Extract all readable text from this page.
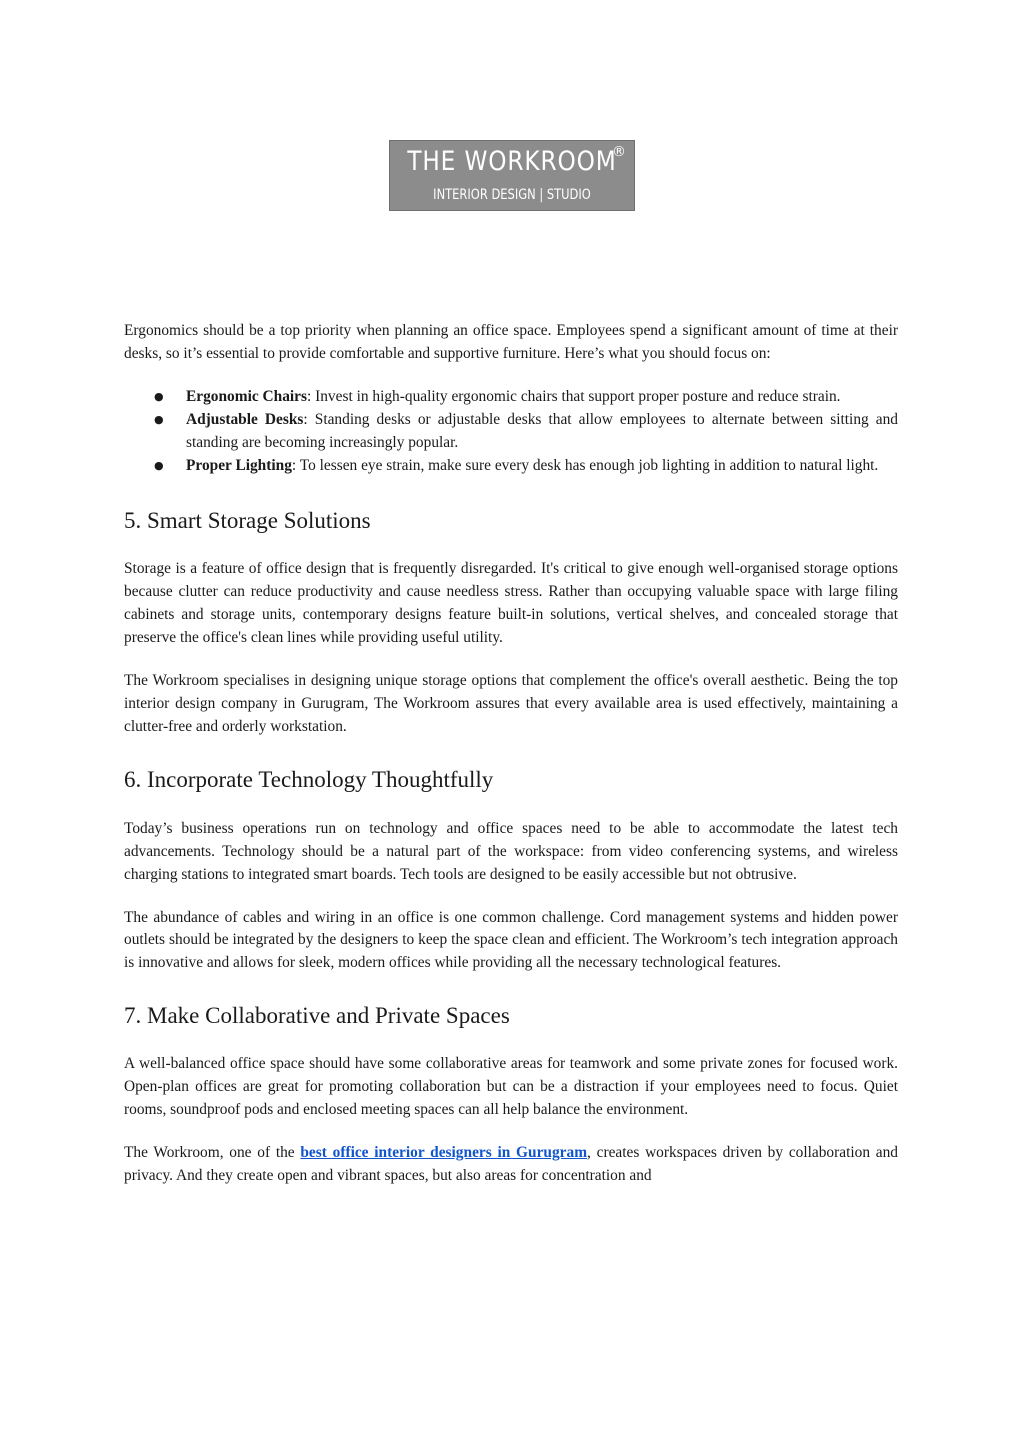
THE WORKROOM
®
INTERIOR DESIGN | STUDIO

Ergonomics should be a top priority when planning an office space. Employees spend a significant amount of time at their desks, so it’s essential to provide comfortable and supportive furniture. Here’s what you should focus on:

● Ergonomic Chairs: Invest in high-quality ergonomic chairs that support proper posture and reduce strain.
● Adjustable Desks: Standing desks or adjustable desks that allow employees to alternate between sitting and standing are becoming increasingly popular.
● Proper Lighting: To lessen eye strain, make sure every desk has enough job lighting in addition to natural light.
5. Smart Storage Solutions

Storage is a feature of office design that is frequently disregarded. It's critical to give enough well-organised storage options because clutter can reduce productivity and cause needless stress. Rather than occupying valuable space with large filing cabinets and storage units, contemporary designs feature built-in solutions, vertical shelves, and concealed storage that preserve the office's clean lines while providing useful utility.

The Workroom specialises in designing unique storage options that complement the office's overall aesthetic. Being the top interior design company in Gurugram, The Workroom assures that every available area is used effectively, maintaining a clutter-free and orderly workstation.

6. Incorporate Technology Thoughtfully

Today’s business operations run on technology and office spaces need to be able to accommodate the latest tech advancements. Technology should be a natural part of the workspace: from video conferencing systems, and wireless charging stations to integrated smart boards. Tech tools are designed to be easily accessible but not obtrusive.

The abundance of cables and wiring in an office is one common challenge. Cord management systems and hidden power outlets should be integrated by the designers to keep the space clean and efficient. The Workroom’s tech integration approach is innovative and allows for sleek, modern offices while providing all the necessary technological features.

7. Make Collaborative and Private Spaces

A well-balanced office space should have some collaborative areas for teamwork and some private zones for focused work. Open-plan offices are great for promoting collaboration but can be a distraction if your employees need to focus. Quiet rooms, soundproof pods and enclosed meeting spaces can all help balance the environment.

The Workroom, one of the best office interior designers in Gurugram, creates workspaces driven by collaboration and privacy. And they create open and vibrant spaces, but also areas for concentration and
